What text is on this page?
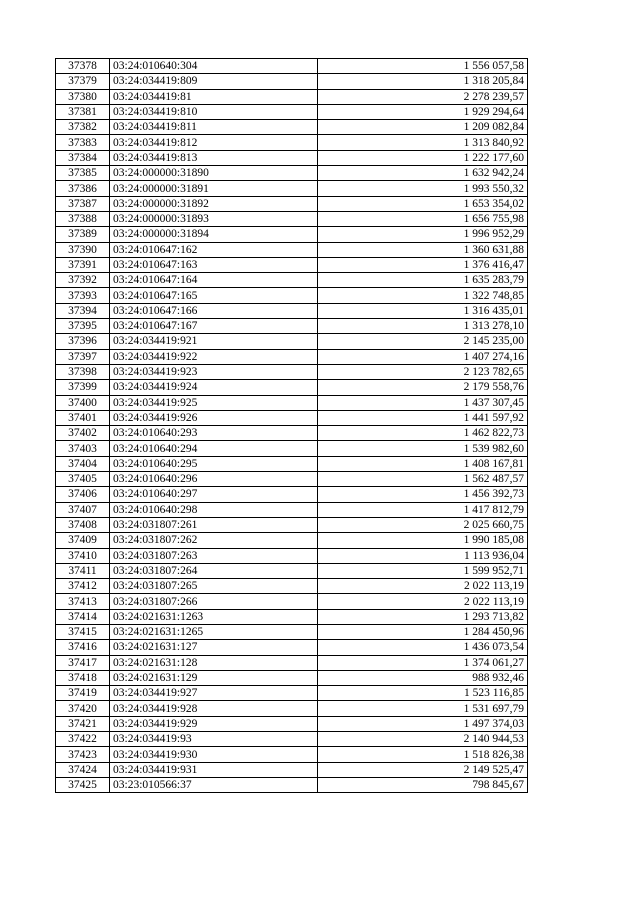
37378	03:24:010640:304	1 556 057,58
37379	03:24:034419:809	1 318 205,84
37380	03:24:034419:81	2 278 239,57
37381	03:24:034419:810	1 929 294,64
37382	03:24:034419:811	1 209 082,84
37383	03:24:034419:812	1 313 840,92
37384	03:24:034419:813	1 222 177,60
37385	03:24:000000:31890	1 632 942,24
37386	03:24:000000:31891	1 993 550,32
37387	03:24:000000:31892	1 653 354,02
37388	03:24:000000:31893	1 656 755,98
37389	03:24:000000:31894	1 996 952,29
37390	03:24:010647:162	1 360 631,88
37391	03:24:010647:163	1 376 416,47
37392	03:24:010647:164	1 635 283,79
37393	03:24:010647:165	1 322 748,85
37394	03:24:010647:166	1 316 435,01
37395	03:24:010647:167	1 313 278,10
37396	03:24:034419:921	2 145 235,00
37397	03:24:034419:922	1 407 274,16
37398	03:24:034419:923	2 123 782,65
37399	03:24:034419:924	2 179 558,76
37400	03:24:034419:925	1 437 307,45
37401	03:24:034419:926	1 441 597,92
37402	03:24:010640:293	1 462 822,73
37403	03:24:010640:294	1 539 982,60
37404	03:24:010640:295	1 408 167,81
37405	03:24:010640:296	1 562 487,57
37406	03:24:010640:297	1 456 392,73
37407	03:24:010640:298	1 417 812,79
37408	03:24:031807:261	2 025 660,75
37409	03:24:031807:262	1 990 185,08
37410	03:24:031807:263	1 113 936,04
37411	03:24:031807:264	1 599 952,71
37412	03:24:031807:265	2 022 113,19
37413	03:24:031807:266	2 022 113,19
37414	03:24:021631:1263	1 293 713,82
37415	03:24:021631:1265	1 284 450,96
37416	03:24:021631:127	1 436 073,54
37417	03:24:021631:128	1 374 061,27
37418	03:24:021631:129	988 932,46
37419	03:24:034419:927	1 523 116,85
37420	03:24:034419:928	1 531 697,79
37421	03:24:034419:929	1 497 374,03
37422	03:24:034419:93	2 140 944,53
37423	03:24:034419:930	1 518 826,38
37424	03:24:034419:931	2 149 525,47
37425	03:23:010566:37	798 845,67
